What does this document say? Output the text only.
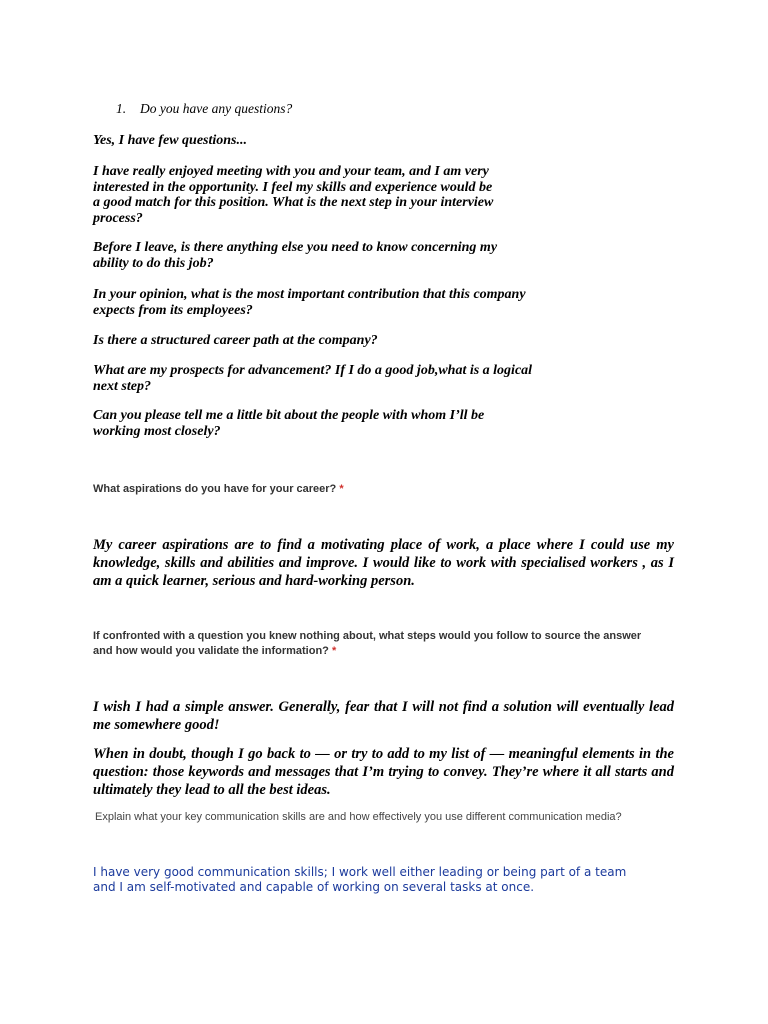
1. Do you have any questions?
Yes, I have few questions...
I have really enjoyed meeting with you and your team, and I am very
interested in the opportunity. I feel my skills and experience would be
a good match for this position. What is the next step in your interview
process?
Before I leave, is there anything else you need to know concerning my
ability to do this job?
In your opinion, what is the most important contribution that this company
expects from its employees?
Is there a structured career path at the company?
What are my prospects for advancement? If I do a good job,what is a logical
next step?
Can you please tell me a little bit about the people with whom I’ll be
working most closely?
What aspirations do you have for your career? *
My career aspirations are to find a motivating place of work, a place where I could use my knowledge, skills and abilities and improve. I would like to work with specialised workers , as I am a quick learner, serious and hard-working person.
If confronted with a question you knew nothing about, what steps would you follow to source the answer
and how would you validate the information? *
I wish I had a simple answer. Generally, fear that I will not find a solution will eventually lead me somewhere good!
When in doubt, though I go back to — or try to add to my list of — meaningful elements in the question: those keywords and messages that I’m trying to convey. They’re where it all starts and ultimately they lead to all the best ideas.
Explain what your key communication skills are and how effectively you use different communication media?
I have very good communication skills; I work well either leading or being part of a team
and I am self-motivated and capable of working on several tasks at once.
